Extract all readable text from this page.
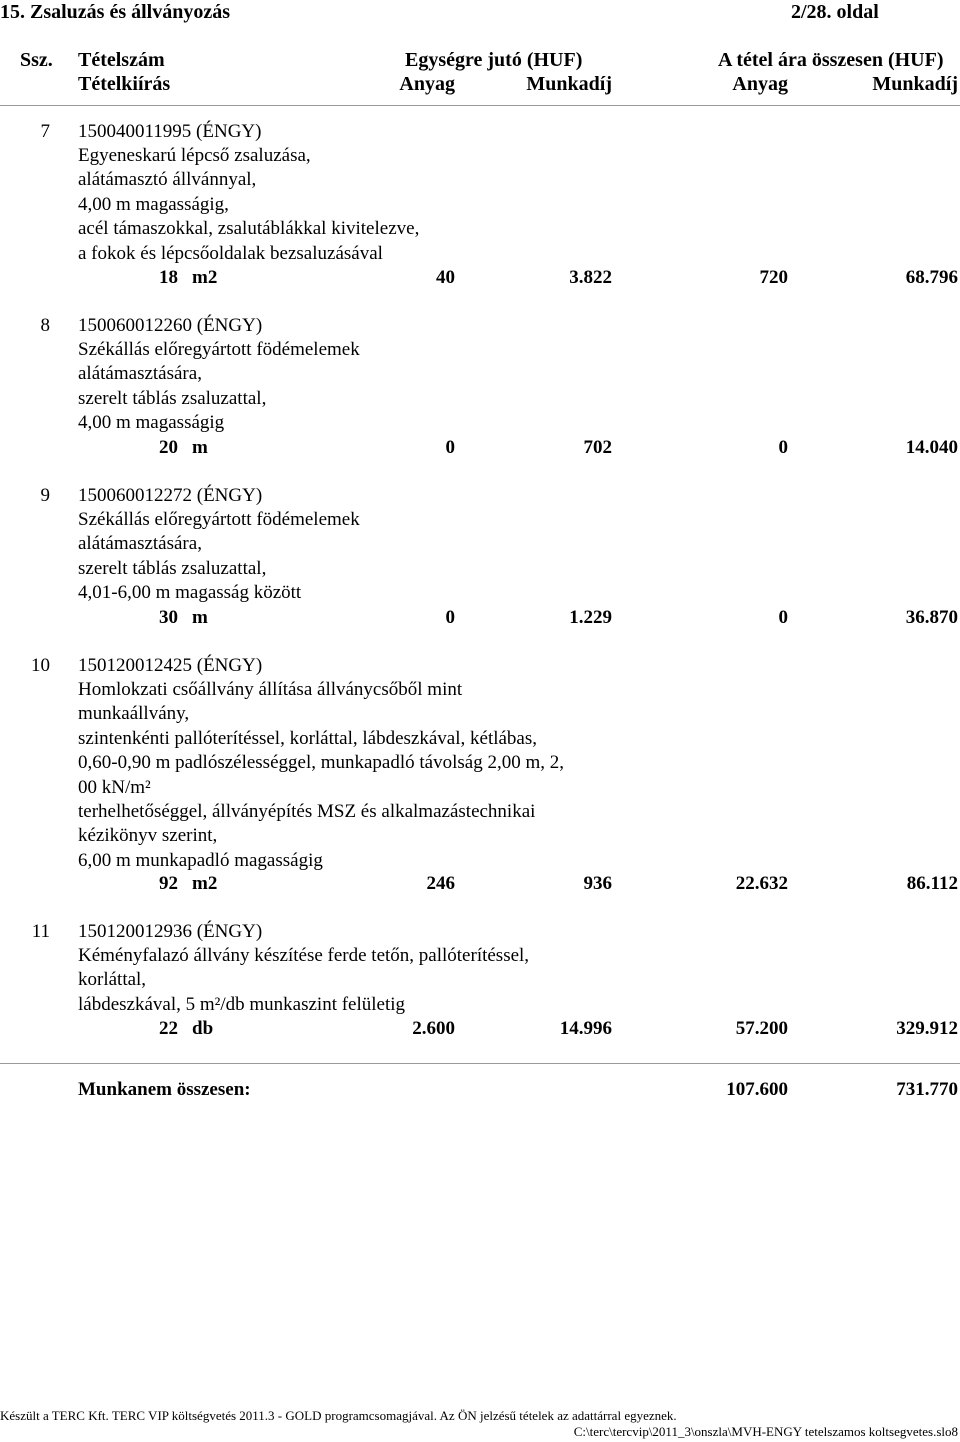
15. Zsaluzás és állványozás	2/28. oldal
Ssz. Tételszám
Tételkiírás
Egységre jutó (HUF)
Anyag	Munkadíj
A tétel ára összesen (HUF)
Anyag	Munkadíj
7 150040011995 (ÉNGY)
Egyeneskarú lépcső zsaluzása,
alátámasztó állvánnyal,
4,00 m magasságig,
acél támaszokkal, zsalutáblákkal kivitelezve,
a fokok és lépcsőoldalak bezsaluzásával
18 m2	40	3.822	720	68.796
8 150060012260 (ÉNGY)
Székállás előregyártott födémelemek
alátámasztására,
szerelt táblás zsaluzattal,
4,00 m magasságig
20 m	0	702	0	14.040
9 150060012272 (ÉNGY)
Székállás előregyártott födémelemek
alátámasztására,
szerelt táblás zsaluzattal,
4,01-6,00 m magasság között
30 m	0	1.229	0	36.870
10 150120012425 (ÉNGY)
Homlokzati csőállvány állítása állványcsőből mint
munkaállvány,
szintenkénti pallóterítéssel, korláttal, lábdeszkával, kétlábas,
0,60-0,90 m padlószélességgel, munkapadló távolság 2,00 m, 2,
00 kN/m²
terhelhetőséggel, állványépítés MSZ és alkalmazástechnikai
kézikönyv szerint,
6,00 m munkapadló magasságig
92 m2	246	936	22.632	86.112
11 150120012936 (ÉNGY)
Kéményfalazó állvány készítése ferde tetőn, pallóterítéssel,
korláttal,
lábdeszkával, 5 m²/db munkaszint felületig
22 db	2.600	14.996	57.200	329.912
Munkanem összesen:	107.600	731.770
Készült a TERC Kft. TERC VIP költségvetés 2011.3 - GOLD programcsomagjával. Az ÖN jelzésű tételek az adattárral egyeznek.
C:\terc\tercvip\2011_3\onszla\MVH-ENGY tetelszamos koltsegvetes.slo8
